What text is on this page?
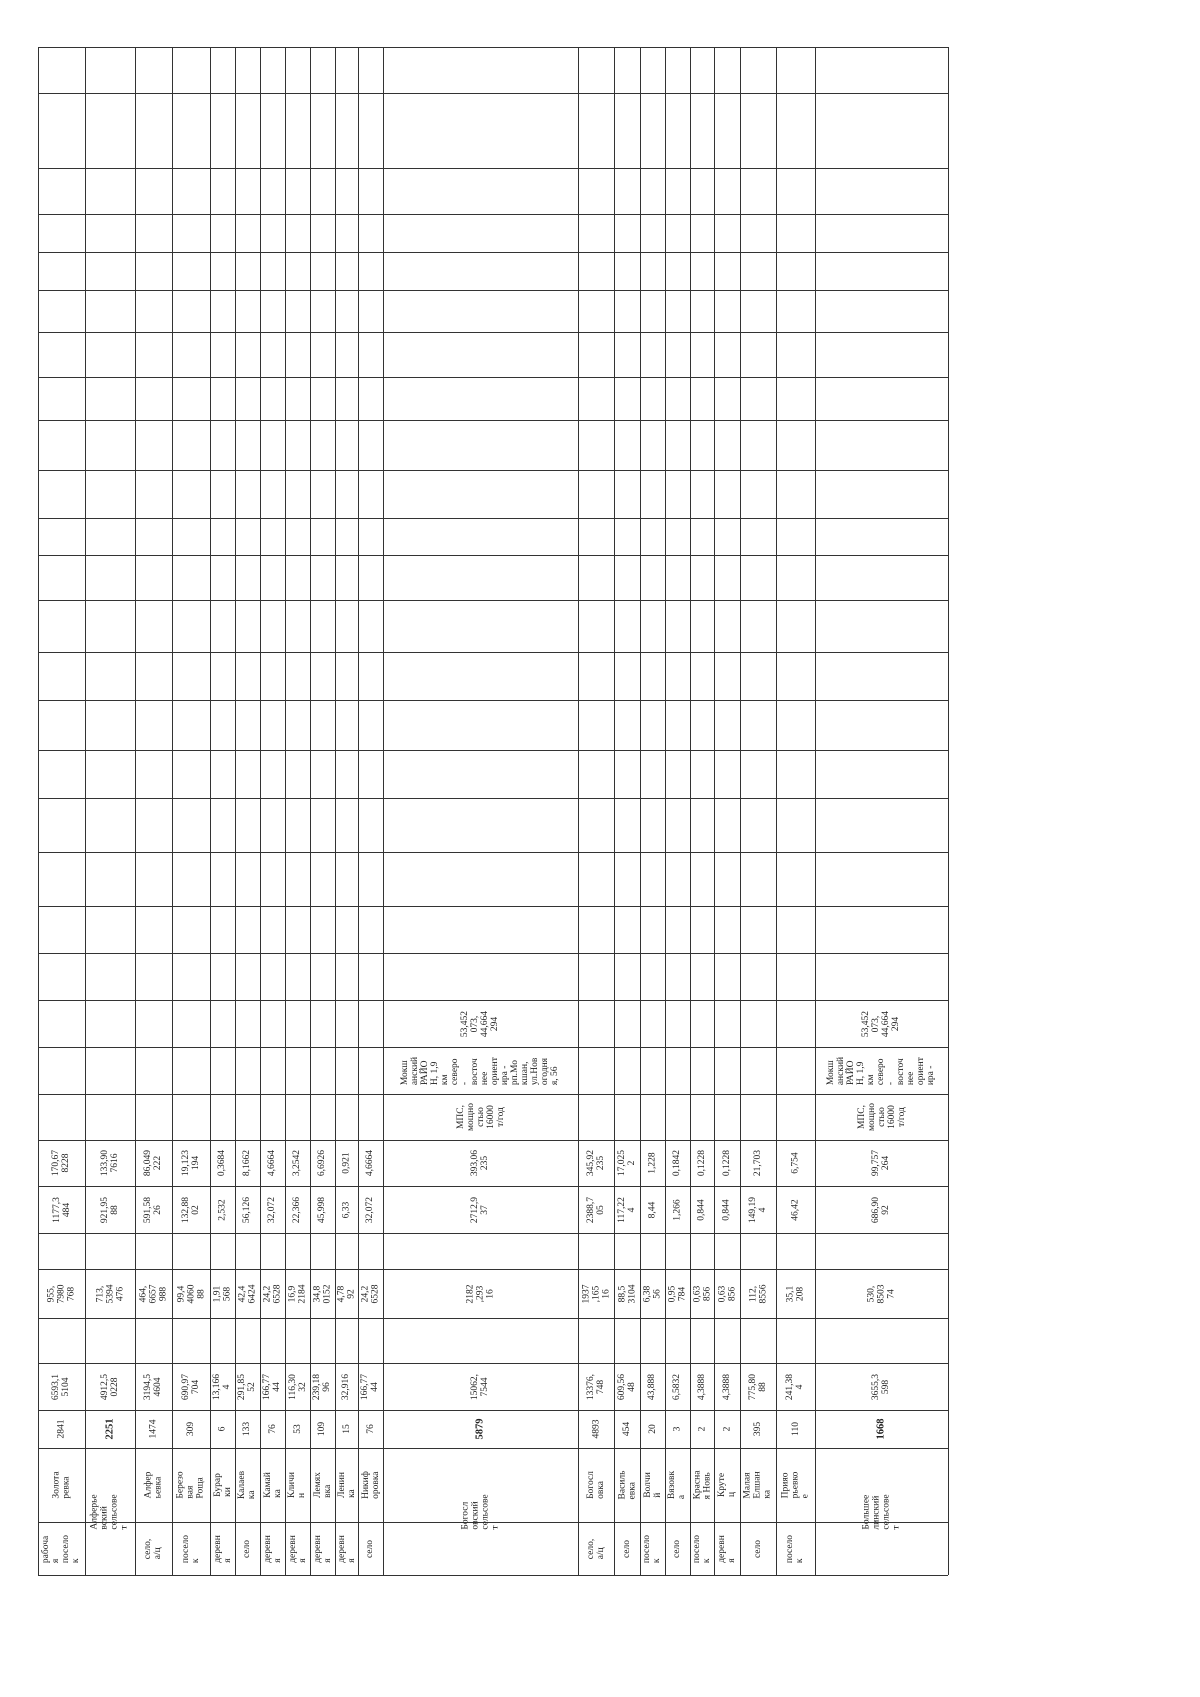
рабоча
я
посело
к
Золота
ревка
2841
6593,1
5104
955,
7980
768
1177,3
484
170,67
8228
Алферье
вский
сельсове
т
2251
4912,5
0228
713,
5394
476
921,95
88
133,90
7616
село,
а/ц
Алфер
ьевка
1474
3194,5
4604
464,
6657
988
591,58
26
86,049
222
посело
к
Березо
вая
Роща
309
690,97
704
99,4
4060
88
132,88
02
19,123
194
деревн
я
Бурар
ки
6
13,166
4
1,91
568
2,532
0,3684
село
Калаев
ка
133
291,85
52
42,4
6424
56,126
8,1662
деревн
я
Камай
ка
76
166,77
44
24,2
6528
32,072
4,6664
деревн
я
Кличи
н
53
116,30
32
16,9
2184
22,366
3,2542
деревн
я
Лемях
вка
109
239,18
96
34,8
0152
45,998
6,6926
деревн
я
Ленин
ка
15
32,916
4,78
92
6,33
0,921
село
Никиф
оровка
76
166,77
44
24,2
6528
32,072
4,6664
Богосл
овский
сельсове
т
5879
15062,
7544
2182
,293
16
2712,9
37
393,06
235
МПС,
мощно
стью
16000
т/год
Мокш
анский
РАЙО
Н, 1,9
км
северо
-
восточ
нее
ориент
ира -
рп.Мо
кшан,
ул.Нов
огодня
я, 56
53,452
073,
44,664
294
село,
а/ц
Богосл
овка
4893
13376,
748
1937
,165
16
2388,7
05
345,92
235
село
Василь
евка
454
609,56
48
88,5
3104
117,22
4
17,025
2
посело
к
Волчи
й
20
43,888
6,38
56
8,44
1,228
село
Вязовк
а
3
6,5832
0,95
784
1,266
0,1842
посело
к
Красна
я Новь
2
4,3888
0,63
856
0,844
0,1228
деревн
я
Круте
ц
2
4,3888
0,63
856
0,844
0,1228
село
Малая
Елшан
ка
395
775,80
88
112,
8556
149,19
4
21,703
посело
к
Прияо
рьевко
е
110
241,38
4
35,1
208
46,42
6,754
Большее
линский
сельсове
т
1668
3655,3
598
530,
8503
74
686,90
92
99,757
264
МПС,
мощно
стью
16000
т/год
Мокш
анский
РАЙО
Н, 1,9
км
северо
-
восточ
нее
ориент
ира -
53,452
073,
44,664
294
